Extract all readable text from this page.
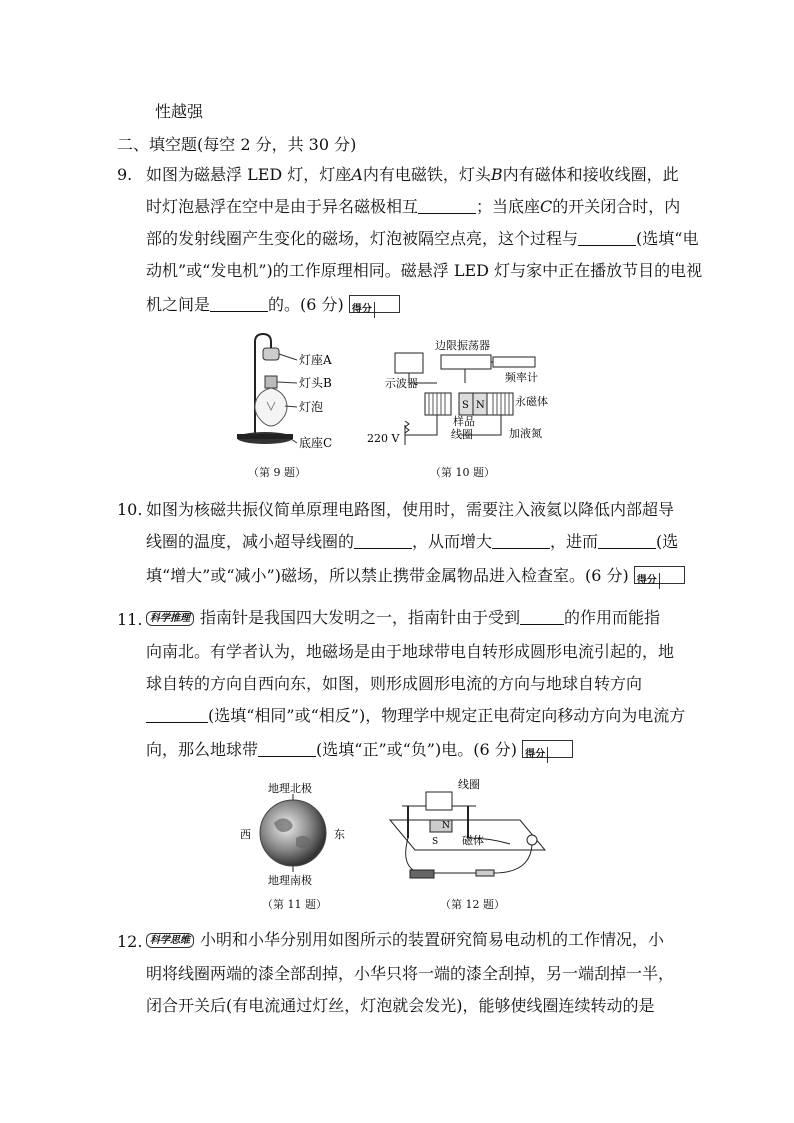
性越强
二、填空题(每空 2 分，共 30 分)
9. 如图为磁悬浮 LED 灯，灯座A内有电磁铁，灯头B内有磁体和接收线圈，此
时灯泡悬浮在空中是由于异名磁极相互	；当底座C的开关闭合时，内
部的发射线圈产生变化的磁场，灯泡被隔空点亮，这个过程与	(选填“电
动机”或“发电机”)的工作原理相同。磁悬浮 LED 灯与家中正在播放节目的电视
机之间是	的。(6 分) 得分
灯座A
灯头B
灯泡
底座C
（第 9 题）
边限振荡器
示波器	频率计
S N	永磁体
样品
线圈	加液氮
220 V
（第 10 题）
10. 如图为核磁共振仪简单原理电路图，使用时，需要注入液氦以降低内部超导
线圈的温度，减小超导线圈的	，从而增大	，进而	(选
填“增大”或“减小”)磁场，所以禁止携带金属物品进入检查室。(6 分) 得分
11. 科学推理 指南针是我国四大发明之一，指南针由于受到	的作用而能指
向南北。有学者认为，地磁场是由于地球带电自转形成圆形电流引起的，地
球自转的方向自西向东，如图，则形成圆形电流的方向与地球自转方向
(选填“相同”或“相反”)，物理学中规定正电荷定向移动方向为电流方
向，那么地球带	(选填“正”或“负”)电。(6 分) 得分
地理北极
西	东
地理南极
（第 11 题）
线圈
N
S 磁体
（第 12 题）
12. 科学思维 小明和小华分别用如图所示的装置研究简易电动机的工作情况，小
明将线圈两端的漆全部刮掉，小华只将一端的漆全刮掉，另一端刮掉一半，
闭合开关后(有电流通过灯丝，灯泡就会发光)，能够使线圈连续转动的是
